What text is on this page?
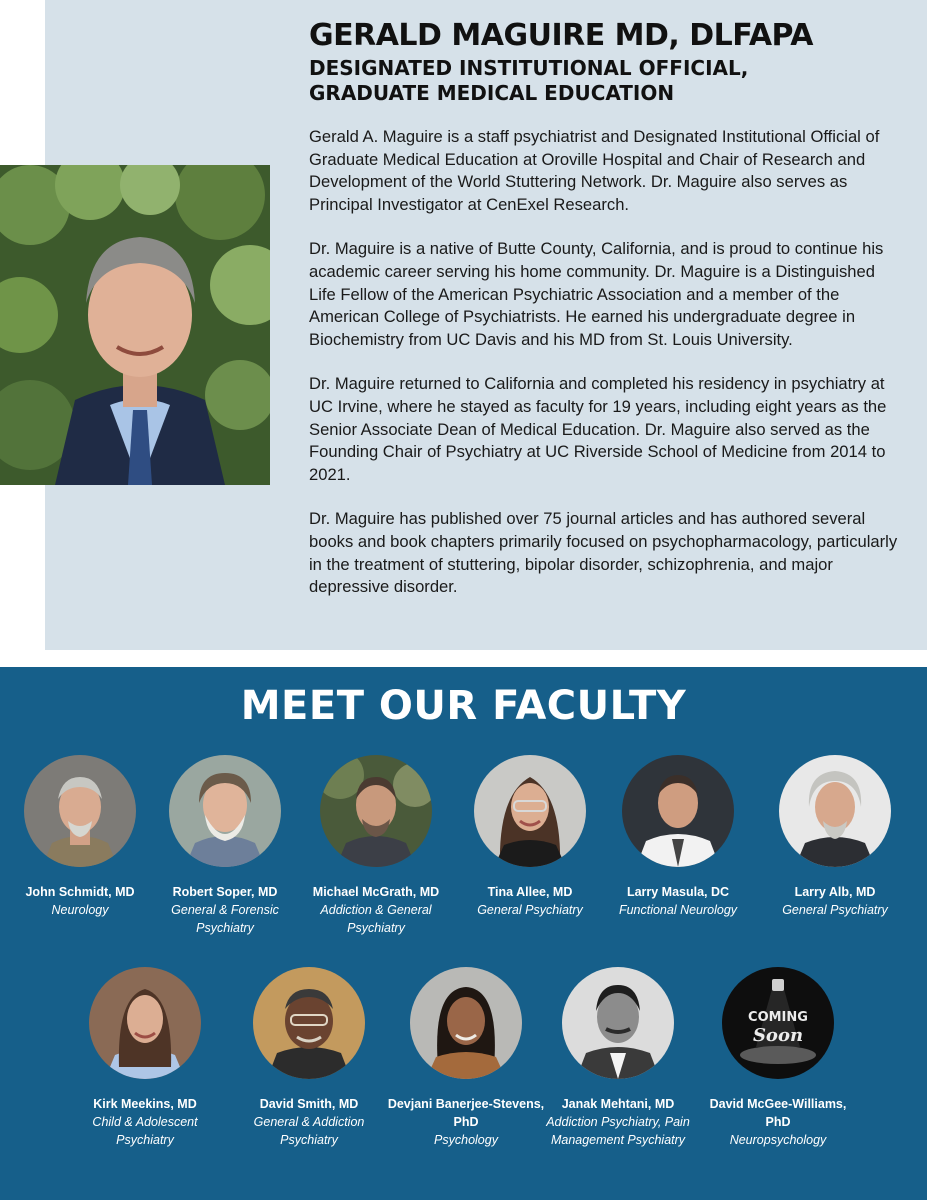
GERALD MAGUIRE MD, DLFAPA
DESIGNATED INSTITUTIONAL OFFICIAL, GRADUATE MEDICAL EDUCATION

Gerald A. Maguire is a staff psychiatrist and Designated Institutional Official of Graduate Medical Education at Oroville Hospital and Chair of Research and Development of the World Stuttering Network. Dr. Maguire also serves as Principal Investigator at CenExel Research.

Dr. Maguire is a native of Butte County, California, and is proud to continue his academic career serving his home community. Dr. Maguire is a Distinguished Life Fellow of the American Psychiatric Association and a member of the American College of Psychiatrists. He earned his undergraduate degree in Biochemistry from UC Davis and his MD from St. Louis University.

Dr. Maguire returned to California and completed his residency in psychiatry at UC Irvine, where he stayed as faculty for 19 years, including eight years as the Senior Associate Dean of Medical Education. Dr. Maguire also served as the Founding Chair of Psychiatry at UC Riverside School of Medicine from 2014 to 2021.

Dr. Maguire has published over 75 journal articles and has authored several books and book chapters primarily focused on psychopharmacology, particularly in the treatment of stuttering, bipolar disorder, schizophrenia, and major depressive disorder.

MEET OUR FACULTY
John Schmidt, MD
Neurology
Robert Soper, MD
General & Forensic Psychiatry
Michael McGrath, MD
Addiction & General Psychiatry
Tina Allee, MD
General Psychiatry
Larry Masula, DC
Functional Neurology
Larry Alb, MD
General Psychiatry
Kirk Meekins, MD
Child & Adolescent Psychiatry
David Smith, MD
General & Addiction Psychiatry
Devjani Banerjee-Stevens, PhD
Psychology
Janak Mehtani, MD
Addiction Psychiatry, Pain Management Psychiatry
COMING
Soon
David McGee-Williams, PhD
Neuropsychology
